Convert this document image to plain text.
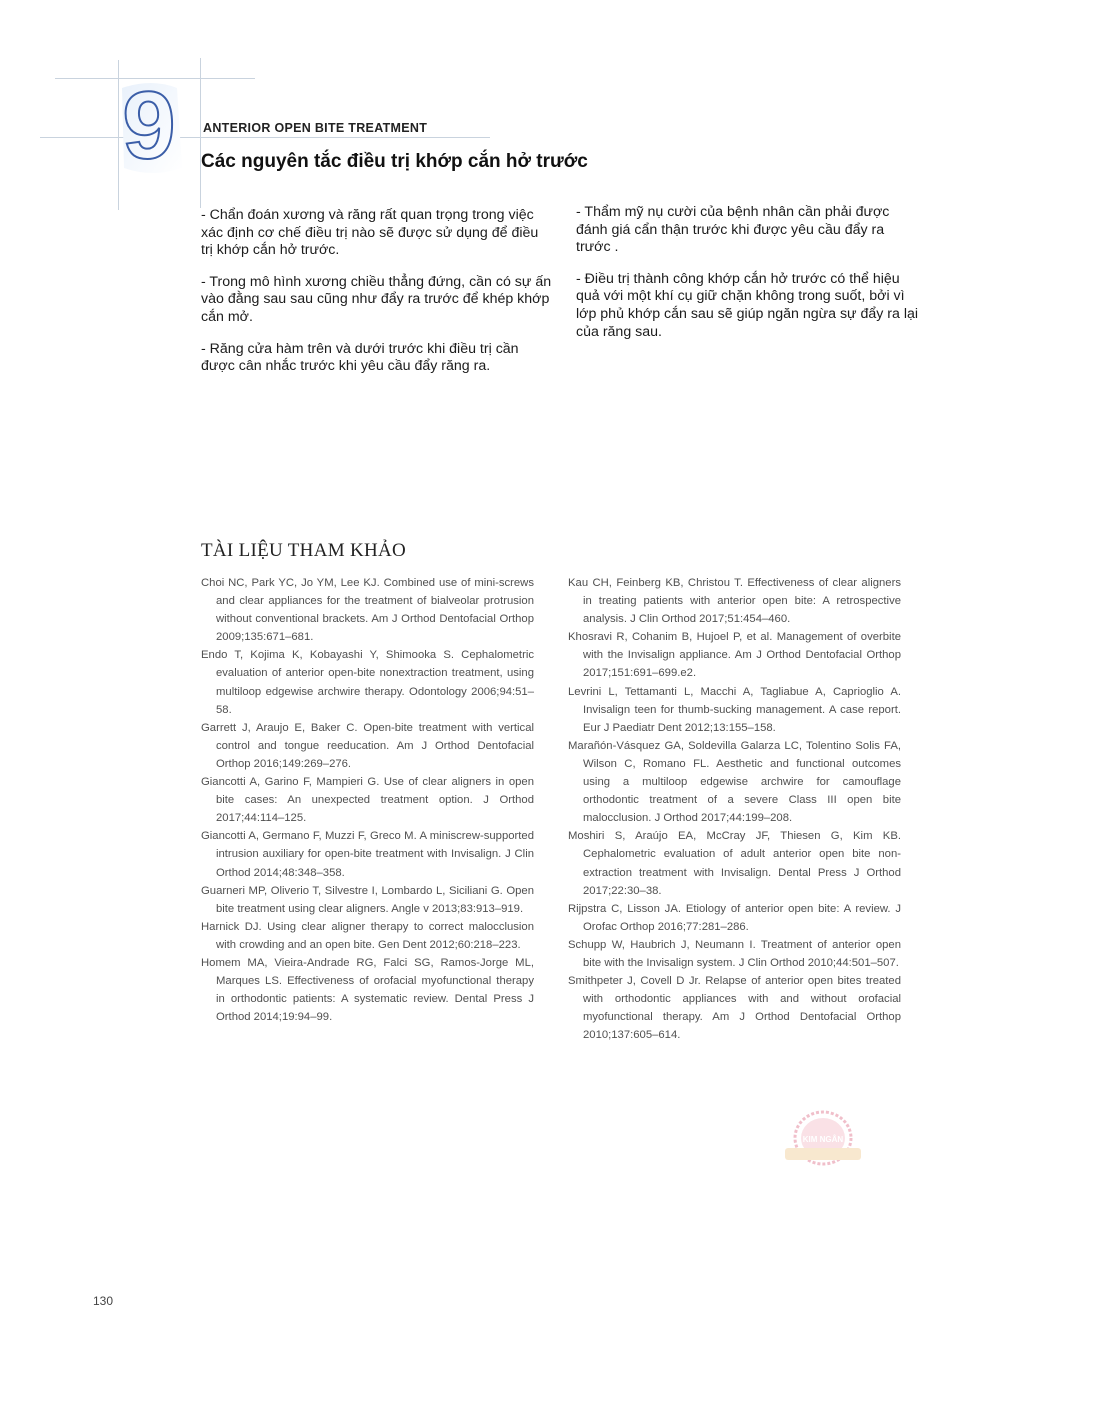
9 ANTERIOR OPEN BITE TREATMENT
Các nguyên tắc điều trị khớp cắn hở trước

- Chẩn đoán xương và răng rất quan trọng trong việc xác định cơ chế điều trị nào sẽ được sử dụng để điều trị khớp cắn hở trước.

- Trong mô hình xương chiều thẳng đứng, cần có sự ấn vào đằng sau sau cũng như đẩy ra trước để khép khớp cắn mở.

- Răng cửa hàm trên và dưới trước khi điều trị cần được cân nhắc trước khi yêu cầu đẩy răng ra.

- Thẩm mỹ nụ cười của bệnh nhân cần phải được đánh giá cẩn thận trước khi được yêu cầu đẩy ra trước .

- Điều trị thành công khớp cắn hở trước có thể hiệu quả với một khí cụ giữ chặn không trong suốt, bởi vì lớp phủ khớp cắn sau sẽ giúp ngăn ngừa sự đẩy ra lại của răng sau.

TÀI LIỆU THAM KHẢO

Choi NC, Park YC, Jo YM, Lee KJ. Combined use of mini-screws and clear appliances for the treatment of bialveolar protrusion without conventional brackets. Am J Orthod Dentofacial Orthop 2009;135:671–681.

Endo T, Kojima K, Kobayashi Y, Shimooka S. Cephalometric evaluation of anterior open-bite nonextraction treatment, using multiloop edgewise archwire therapy. Odontology 2006;94:51–58.

Garrett J, Araujo E, Baker C. Open-bite treatment with vertical control and tongue reeducation. Am J Orthod Dentofacial Orthop 2016;149:269–276.

Giancotti A, Garino F, Mampieri G. Use of clear aligners in open bite cases: An unexpected treatment option. J Orthod 2017;44:114–125.

Giancotti A, Germano F, Muzzi F, Greco M. A miniscrew-supported intrusion auxiliary for open-bite treatment with Invisalign. J Clin Orthod 2014;48:348–358.

Guarneri MP, Oliverio T, Silvestre I, Lombardo L, Siciliani G. Open bite treatment using clear aligners. Angle v 2013;83:913–919.

Harnick DJ. Using clear aligner therapy to correct malocclusion with crowding and an open bite. Gen Dent 2012;60:218–223.

Homem MA, Vieira-Andrade RG, Falci SG, Ramos-Jorge ML, Marques LS. Effectiveness of orofacial myofunctional therapy in orthodontic patients: A systematic review. Dental Press J Orthod 2014;19:94–99.

Kau CH, Feinberg KB, Christou T. Effectiveness of clear aligners in treating patients with anterior open bite: A retrospective analysis. J Clin Orthod 2017;51:454–460.

Khosravi R, Cohanim B, Hujoel P, et al. Management of overbite with the Invisalign appliance. Am J Orthod Dentofacial Orthop 2017;151:691–699.e2.

Levrini L, Tettamanti L, Macchi A, Tagliabue A, Caprioglio A. Invisalign teen for thumb-sucking management. A case report. Eur J Paediatr Dent 2012;13:155–158.

Marañón-Vásquez GA, Soldevilla Galarza LC, Tolentino Solis FA, Wilson C, Romano FL. Aesthetic and functional outcomes using a multiloop edgewise archwire for camouflage orthodontic treatment of a severe Class III open bite malocclusion. J Orthod 2017;44:199–208.

Moshiri S, Araújo EA, McCray JF, Thiesen G, Kim KB. Cephalometric evaluation of adult anterior open bite non-extraction treatment with Invisalign. Dental Press J Orthod 2017;22:30–38.

Rijpstra C, Lisson JA. Etiology of anterior open bite: A review. J Orofac Orthop 2016;77:281–286.

Schupp W, Haubrich J, Neumann I. Treatment of anterior open bite with the Invisalign system. J Clin Orthod 2010;44:501–507.

Smithpeter J, Covell D Jr. Relapse of anterior open bites treated with orthodontic appliances with and without orofacial myofunctional therapy. Am J Orthod Dentofacial Orthop 2010;137:605–614.

KIM NGÂN
130
